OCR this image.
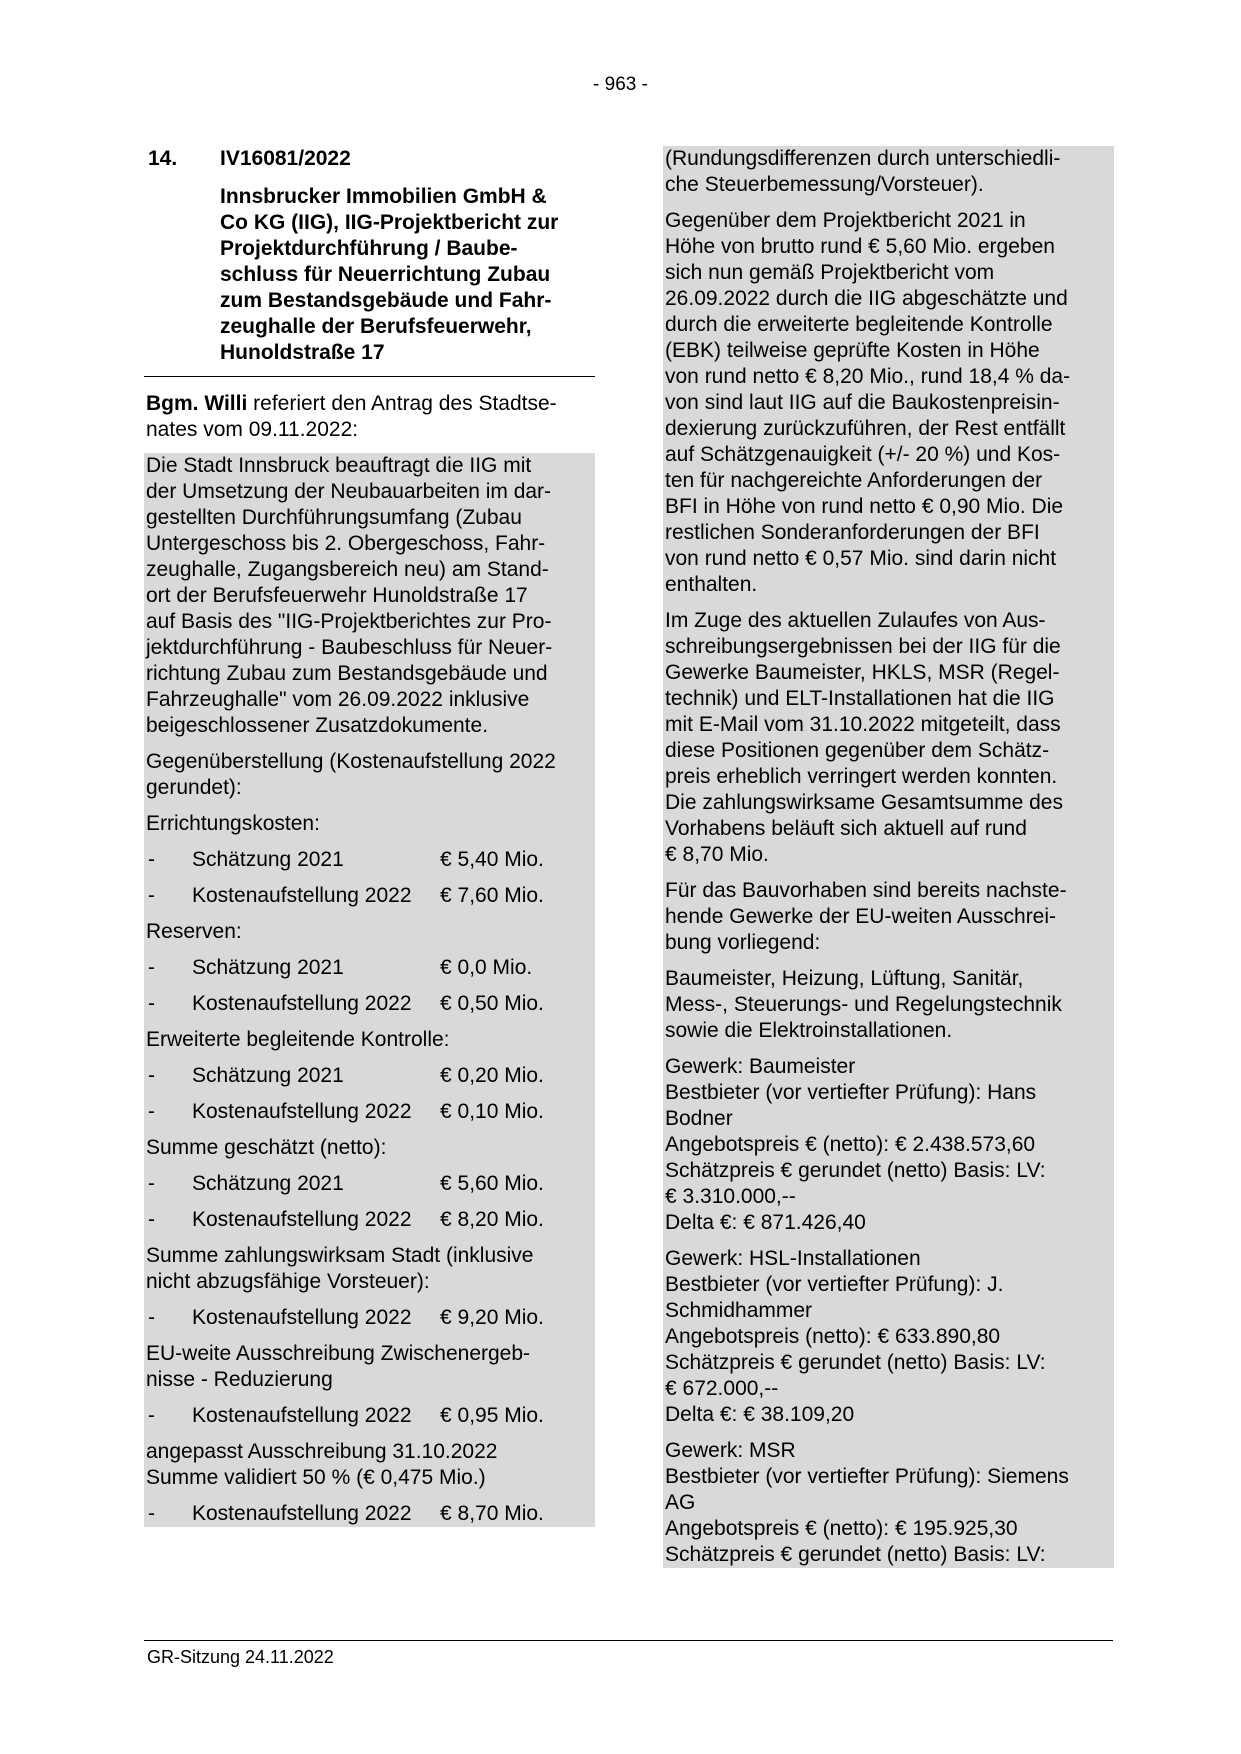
- 963 -
14. IV16081/2022
Innsbrucker Immobilien GmbH &
Co KG (IIG), IIG-Projektbericht zur
Projektdurchführung / Baube-
schluss für Neuerrichtung Zubau
zum Bestandsgebäude und Fahr-
zeughalle der Berufsfeuerwehr,
Hunoldstraße 17
Bgm. Willi referiert den Antrag des Stadtse-
nates vom 09.11.2022:
Die Stadt Innsbruck beauftragt die IIG mit
der Umsetzung der Neubauarbeiten im dar-
gestellten Durchführungsumfang (Zubau
Untergeschoss bis 2. Obergeschoss, Fahr-
zeughalle, Zugangsbereich neu) am Stand-
ort der Berufsfeuerwehr Hunoldstraße 17
auf Basis des "IIG-Projektberichtes zur Pro-
jektdurchführung - Baubeschluss für Neuer-
richtung Zubau zum Bestandsgebäude und
Fahrzeughalle" vom 26.09.2022 inklusive
beigeschlossener Zusatzdokumente.
Gegenüberstellung (Kostenaufstellung 2022
gerundet):
Errichtungskosten:
- Schätzung 2021	€ 5,40 Mio.
- Kostenaufstellung 2022 € 7,60 Mio.
Reserven:
- Schätzung 2021	€ 0,0 Mio.
- Kostenaufstellung 2022 € 0,50 Mio.
Erweiterte begleitende Kontrolle:
- Schätzung 2021	€ 0,20 Mio.
- Kostenaufstellung 2022 € 0,10 Mio.
Summe geschätzt (netto):
- Schätzung 2021	€ 5,60 Mio.
- Kostenaufstellung 2022 € 8,20 Mio.
Summe zahlungswirksam Stadt (inklusive
nicht abzugsfähige Vorsteuer):
- Kostenaufstellung 2022 € 9,20 Mio.
EU-weite Ausschreibung Zwischenergeb-
nisse - Reduzierung
- Kostenaufstellung 2022 € 0,95 Mio.
angepasst Ausschreibung 31.10.2022
Summe validiert 50 % (€ 0,475 Mio.)
- Kostenaufstellung 2022 € 8,70 Mio.
(Rundungsdifferenzen durch unterschiedli-
che Steuerbemessung/Vorsteuer).
Gegenüber dem Projektbericht 2021 in
Höhe von brutto rund € 5,60 Mio. ergeben
sich nun gemäß Projektbericht vom
26.09.2022 durch die IIG abgeschätzte und
durch die erweiterte begleitende Kontrolle
(EBK) teilweise geprüfte Kosten in Höhe
von rund netto € 8,20 Mio., rund 18,4 % da-
von sind laut IIG auf die Baukostenpreisin-
dexierung zurückzuführen, der Rest entfällt
auf Schätzgenauigkeit (+/- 20 %) und Kos-
ten für nachgereichte Anforderungen der
BFI in Höhe von rund netto € 0,90 Mio. Die
restlichen Sonderanforderungen der BFI
von rund netto € 0,57 Mio. sind darin nicht
enthalten.
Im Zuge des aktuellen Zulaufes von Aus-
schreibungsergebnissen bei der IIG für die
Gewerke Baumeister, HKLS, MSR (Regel-
technik) und ELT-Installationen hat die IIG
mit E-Mail vom 31.10.2022 mitgeteilt, dass
diese Positionen gegenüber dem Schätz-
preis erheblich verringert werden konnten.
Die zahlungswirksame Gesamtsumme des
Vorhabens beläuft sich aktuell auf rund
€ 8,70 Mio.
Für das Bauvorhaben sind bereits nachste-
hende Gewerke der EU-weiten Ausschrei-
bung vorliegend:
Baumeister, Heizung, Lüftung, Sanitär,
Mess-, Steuerungs- und Regelungstechnik
sowie die Elektroinstallationen.
Gewerk: Baumeister
Bestbieter (vor vertiefter Prüfung): Hans
Bodner
Angebotspreis € (netto): € 2.438.573,60
Schätzpreis € gerundet (netto) Basis: LV:
€ 3.310.000,--
Delta €: € 871.426,40
Gewerk: HSL-Installationen
Bestbieter (vor vertiefter Prüfung): J.
Schmidhammer
Angebotspreis (netto): € 633.890,80
Schätzpreis € gerundet (netto) Basis: LV:
€ 672.000,--
Delta €: € 38.109,20
Gewerk: MSR
Bestbieter (vor vertiefter Prüfung): Siemens
AG
Angebotspreis € (netto): € 195.925,30
Schätzpreis € gerundet (netto) Basis: LV:
GR-Sitzung 24.11.2022
